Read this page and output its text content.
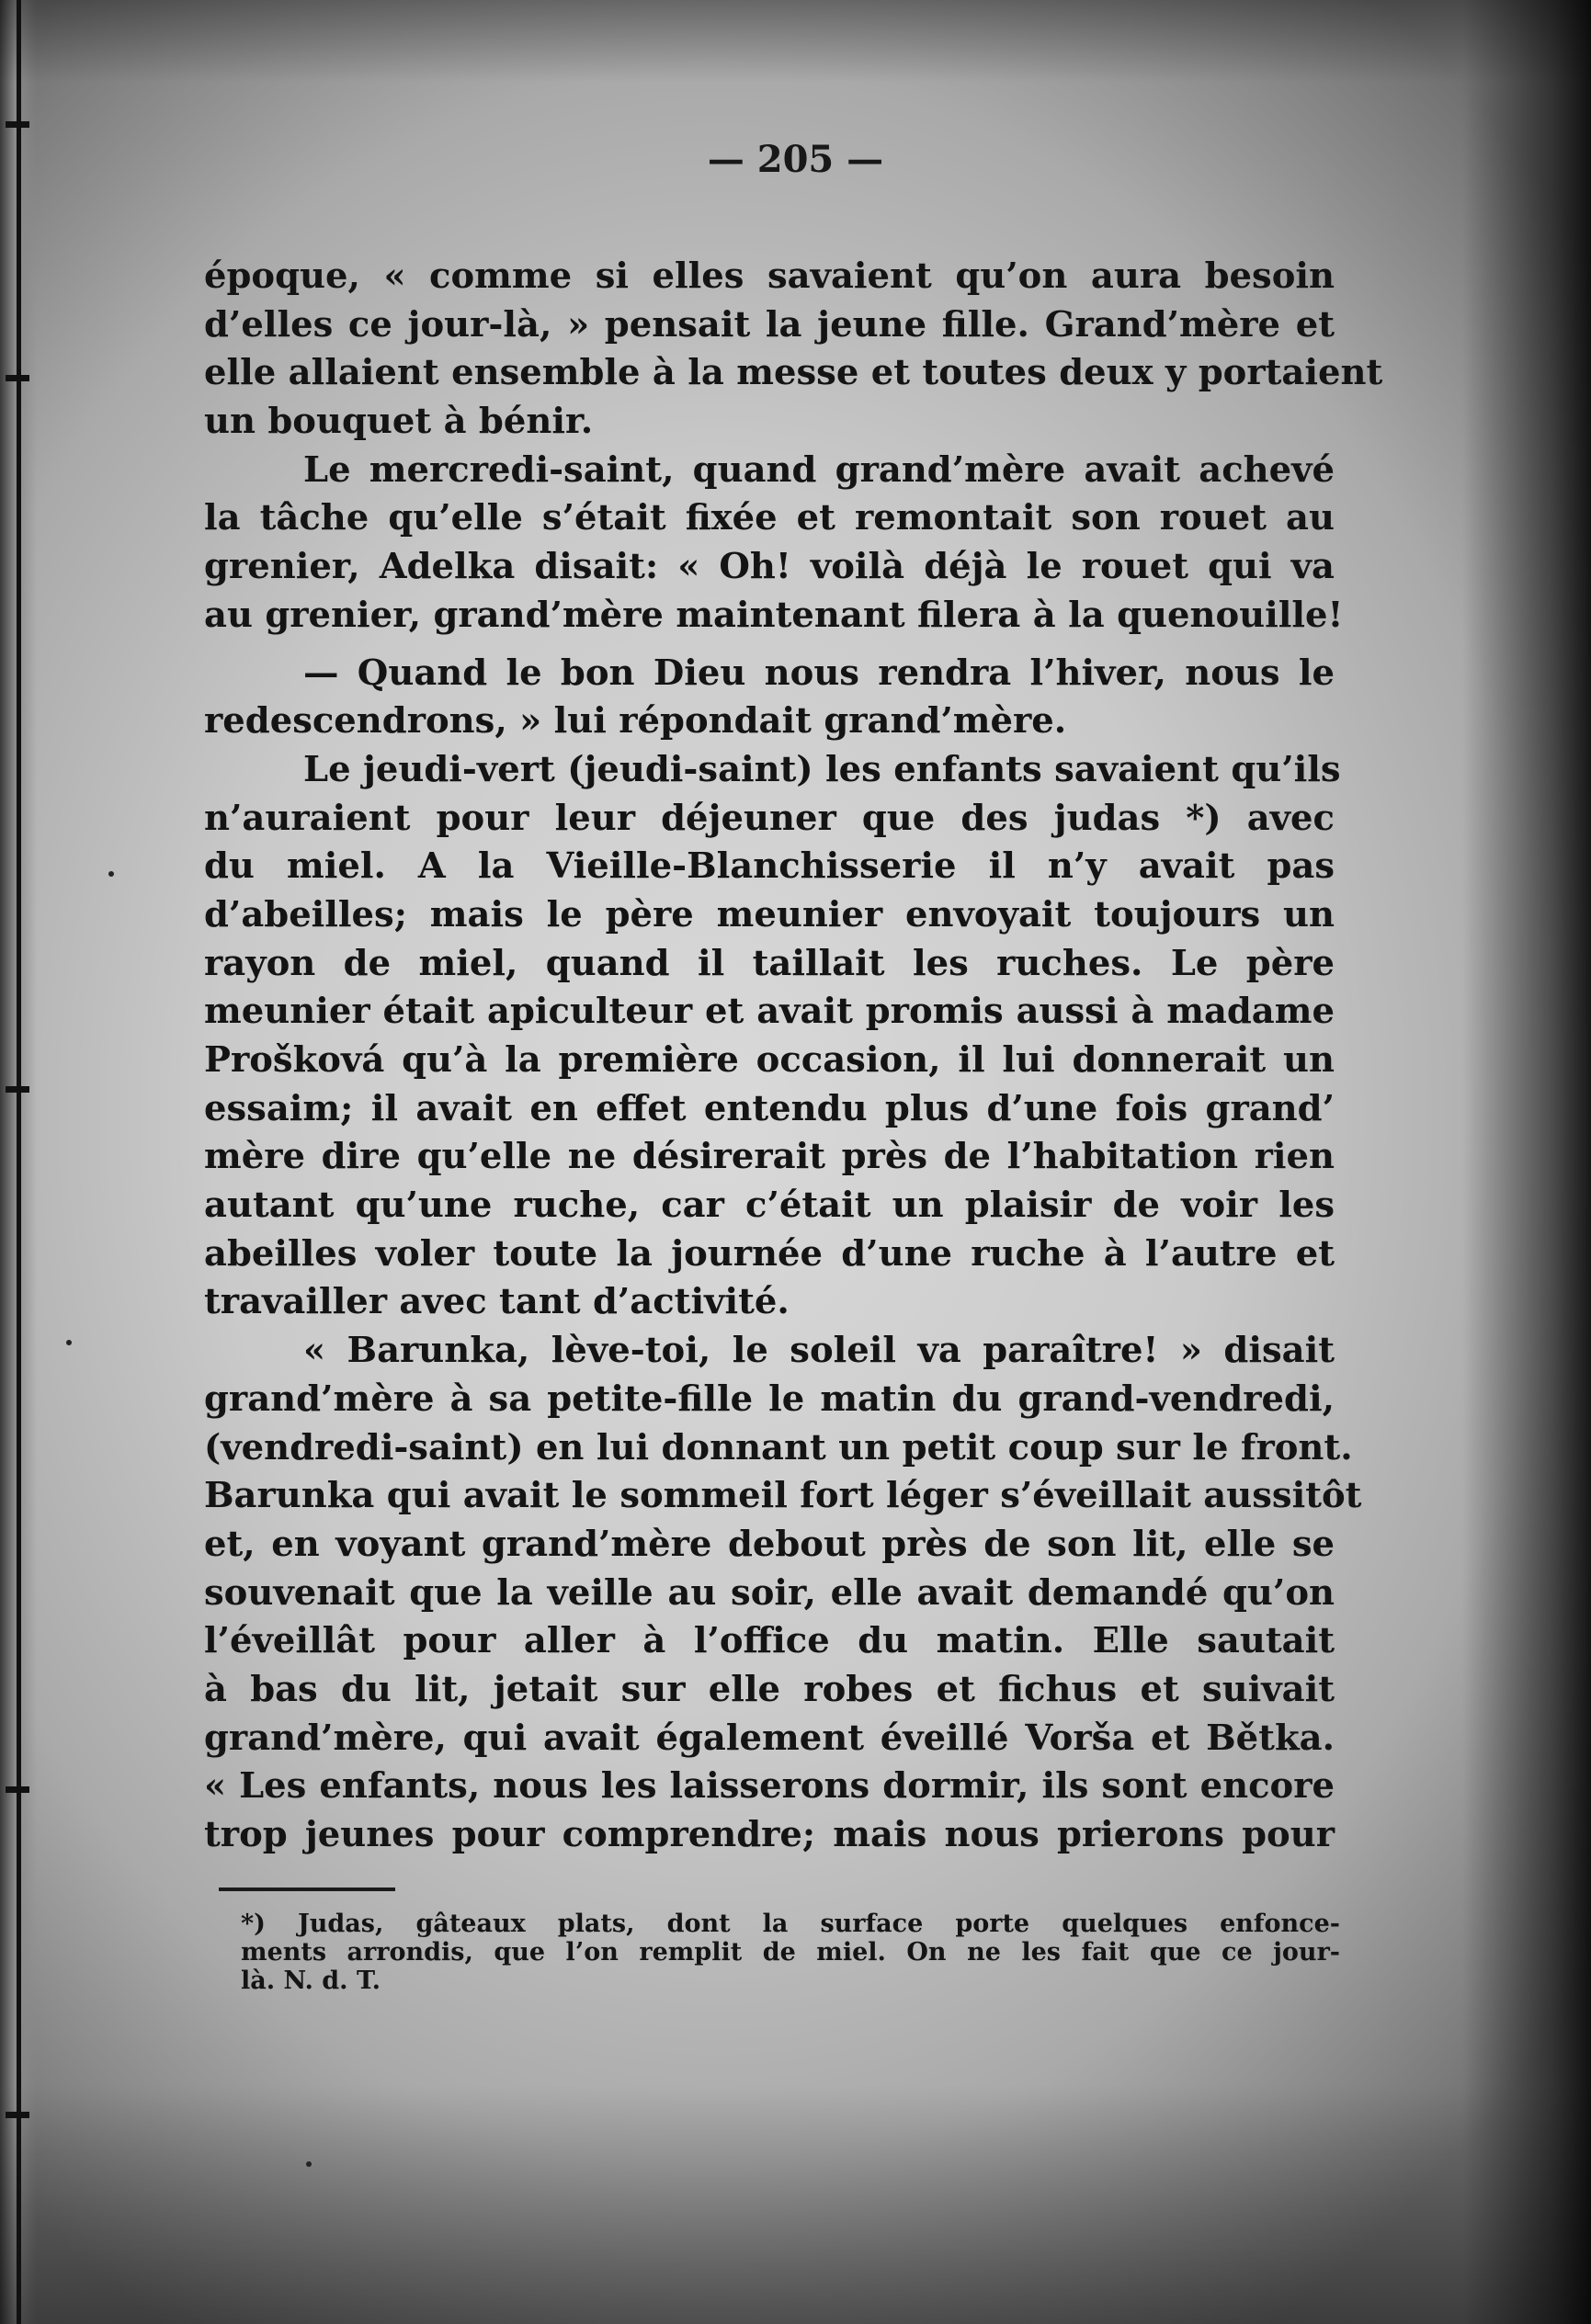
— 205 —
époque, « comme si elles savaient qu’on aura besoin
d’elles ce jour-là, » pensait la jeune fille. Grand’mère et
elle allaient ensemble à la messe et toutes deux y portaient
un bouquet à bénir.
Le mercredi-saint, quand grand’mère avait achevé
la tâche qu’elle s’était fixée et remontait son rouet au
grenier, Adelka disait: « Oh! voilà déjà le rouet qui va
au grenier, grand’mère maintenant filera à la quenouille!
— Quand le bon Dieu nous rendra l’hiver, nous le
redescendrons, » lui répondait grand’mère.
Le jeudi-vert (jeudi-saint) les enfants savaient qu’ils
n’auraient pour leur déjeuner que des judas *) avec
du miel. A la Vieille-Blanchisserie il n’y avait pas
d’abeilles; mais le père meunier envoyait toujours un
rayon de miel, quand il taillait les ruches. Le père
meunier était apiculteur et avait promis aussi à madame
Prošková qu’à la première occasion, il lui donnerait un
essaim; il avait en effet entendu plus d’une fois grand’
mère dire qu’elle ne désirerait près de l’habitation rien
autant qu’une ruche, car c’était un plaisir de voir les
abeilles voler toute la journée d’une ruche à l’autre et
travailler avec tant d’activité.
« Barunka, lève-toi, le soleil va paraître! » disait
grand’mère à sa petite-fille le matin du grand-vendredi,
(vendredi-saint) en lui donnant un petit coup sur le front.
Barunka qui avait le sommeil fort léger s’éveillait aussitôt
et, en voyant grand’mère debout près de son lit, elle se
souvenait que la veille au soir, elle avait demandé qu’on
l’éveillât pour aller à l’office du matin. Elle sautait
à bas du lit, jetait sur elle robes et fichus et suivait
grand’mère, qui avait également éveillé Vorša et Bětka.
« Les enfants, nous les laisserons dormir, ils sont encore
trop jeunes pour comprendre; mais nous prierons pour
*) Judas, gâteaux plats, dont la surface porte quelques enfonce-
ments arrondis, que l’on remplit de miel. On ne les fait que ce jour-
là. N. d. T.
